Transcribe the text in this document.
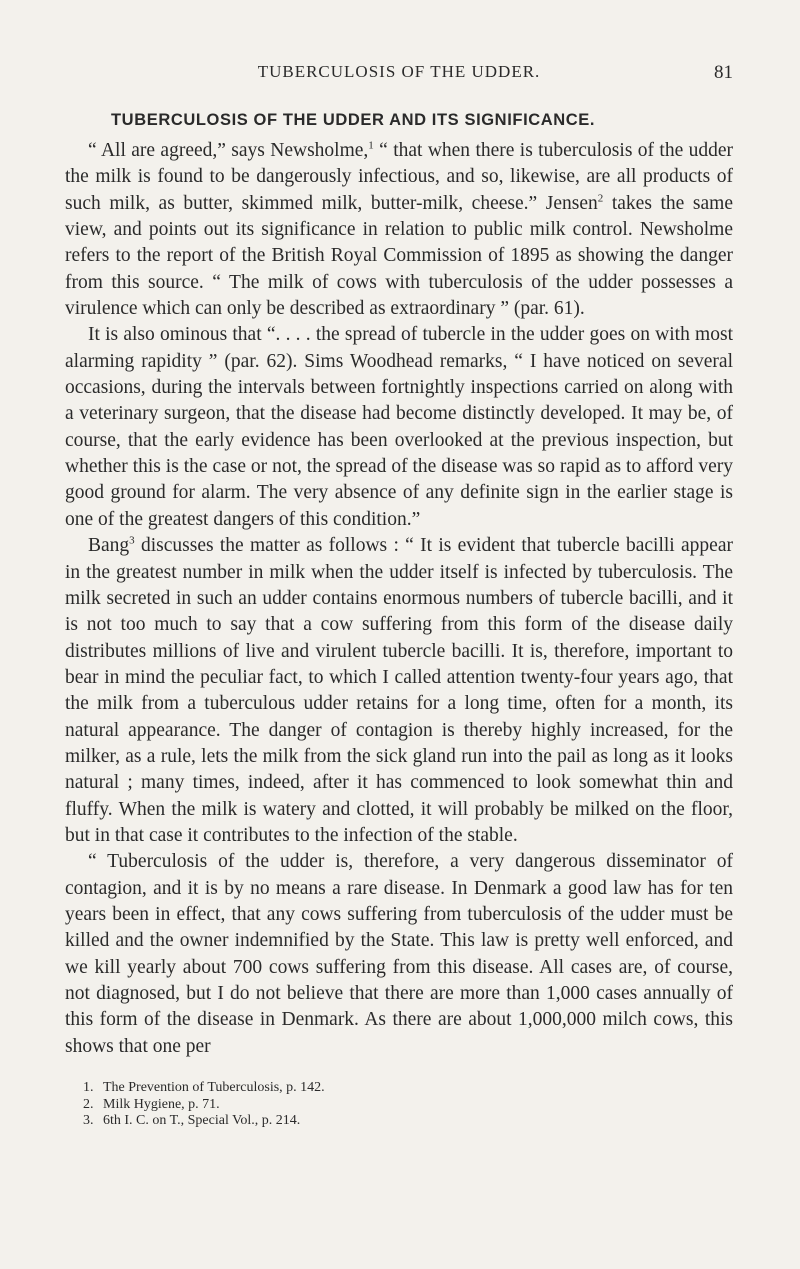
TUBERCULOSIS OF THE UDDER.	81
TUBERCULOSIS OF THE UDDER AND ITS SIGNIFICANCE.

“ All are agreed,” says Newsholme,$^1$ “ that when there is tuberculosis of the udder the milk is found to be dangerously infectious, and so, likewise, are all products of such milk, as butter, skimmed milk, butter-milk, cheese.” Jensen$^2$ takes the same view, and points out its significance in relation to public milk control. Newsholme refers to the report of the British Royal Commission of 1895 as showing the danger from this source. “ The milk of cows with tuberculosis of the udder possesses a virulence which can only be described as extraordinary ” (par. 61).

It is also ominous that “. . . . the spread of tubercle in the udder goes on with most alarming rapidity ” (par. 62). Sims Woodhead remarks, “ I have noticed on several occasions, during the intervals between fortnightly inspections carried on along with a veterinary surgeon, that the disease had become distinctly developed. It may be, of course, that the early evidence has been overlooked at the previous inspection, but whether this is the case or not, the spread of the disease was so rapid as to afford very good ground for alarm. The very absence of any definite sign in the earlier stage is one of the greatest dangers of this condition.”

Bang$^3$ discusses the matter as follows : “ It is evident that tubercle bacilli appear in the greatest number in milk when the udder itself is infected by tuberculosis. The milk secreted in such an udder contains enormous numbers of tubercle bacilli, and it is not too much to say that a cow suffering from this form of the disease daily distributes millions of live and virulent tubercle bacilli. It is, therefore, important to bear in mind the peculiar fact, to which I called attention twenty-four years ago, that the milk from a tuberculous udder retains for a long time, often for a month, its natural appearance. The danger of contagion is thereby highly increased, for the milker, as a rule, lets the milk from the sick gland run into the pail as long as it looks natural ; many times, indeed, after it has commenced to look somewhat thin and fluffy. When the milk is watery and clotted, it will probably be milked on the floor, but in that case it contributes to the infection of the stable.

“ Tuberculosis of the udder is, therefore, a very dangerous disseminator of contagion, and it is by no means a rare disease. In Denmark a good law has for ten years been in effect, that any cows suffering from tuberculosis of the udder must be killed and the owner indemnified by the State. This law is pretty well enforced, and we kill yearly about 700 cows suffering from this disease. All cases are, of course, not diagnosed, but I do not believe that there are more than 1,000 cases annually of this form of the disease in Denmark. As there are about 1,000,000 milch cows, this shows that one per

1. The Prevention of Tuberculosis, p. 142.
2. Milk Hygiene, p. 71.
3. 6th I. C. on T., Special Vol., p. 214.
